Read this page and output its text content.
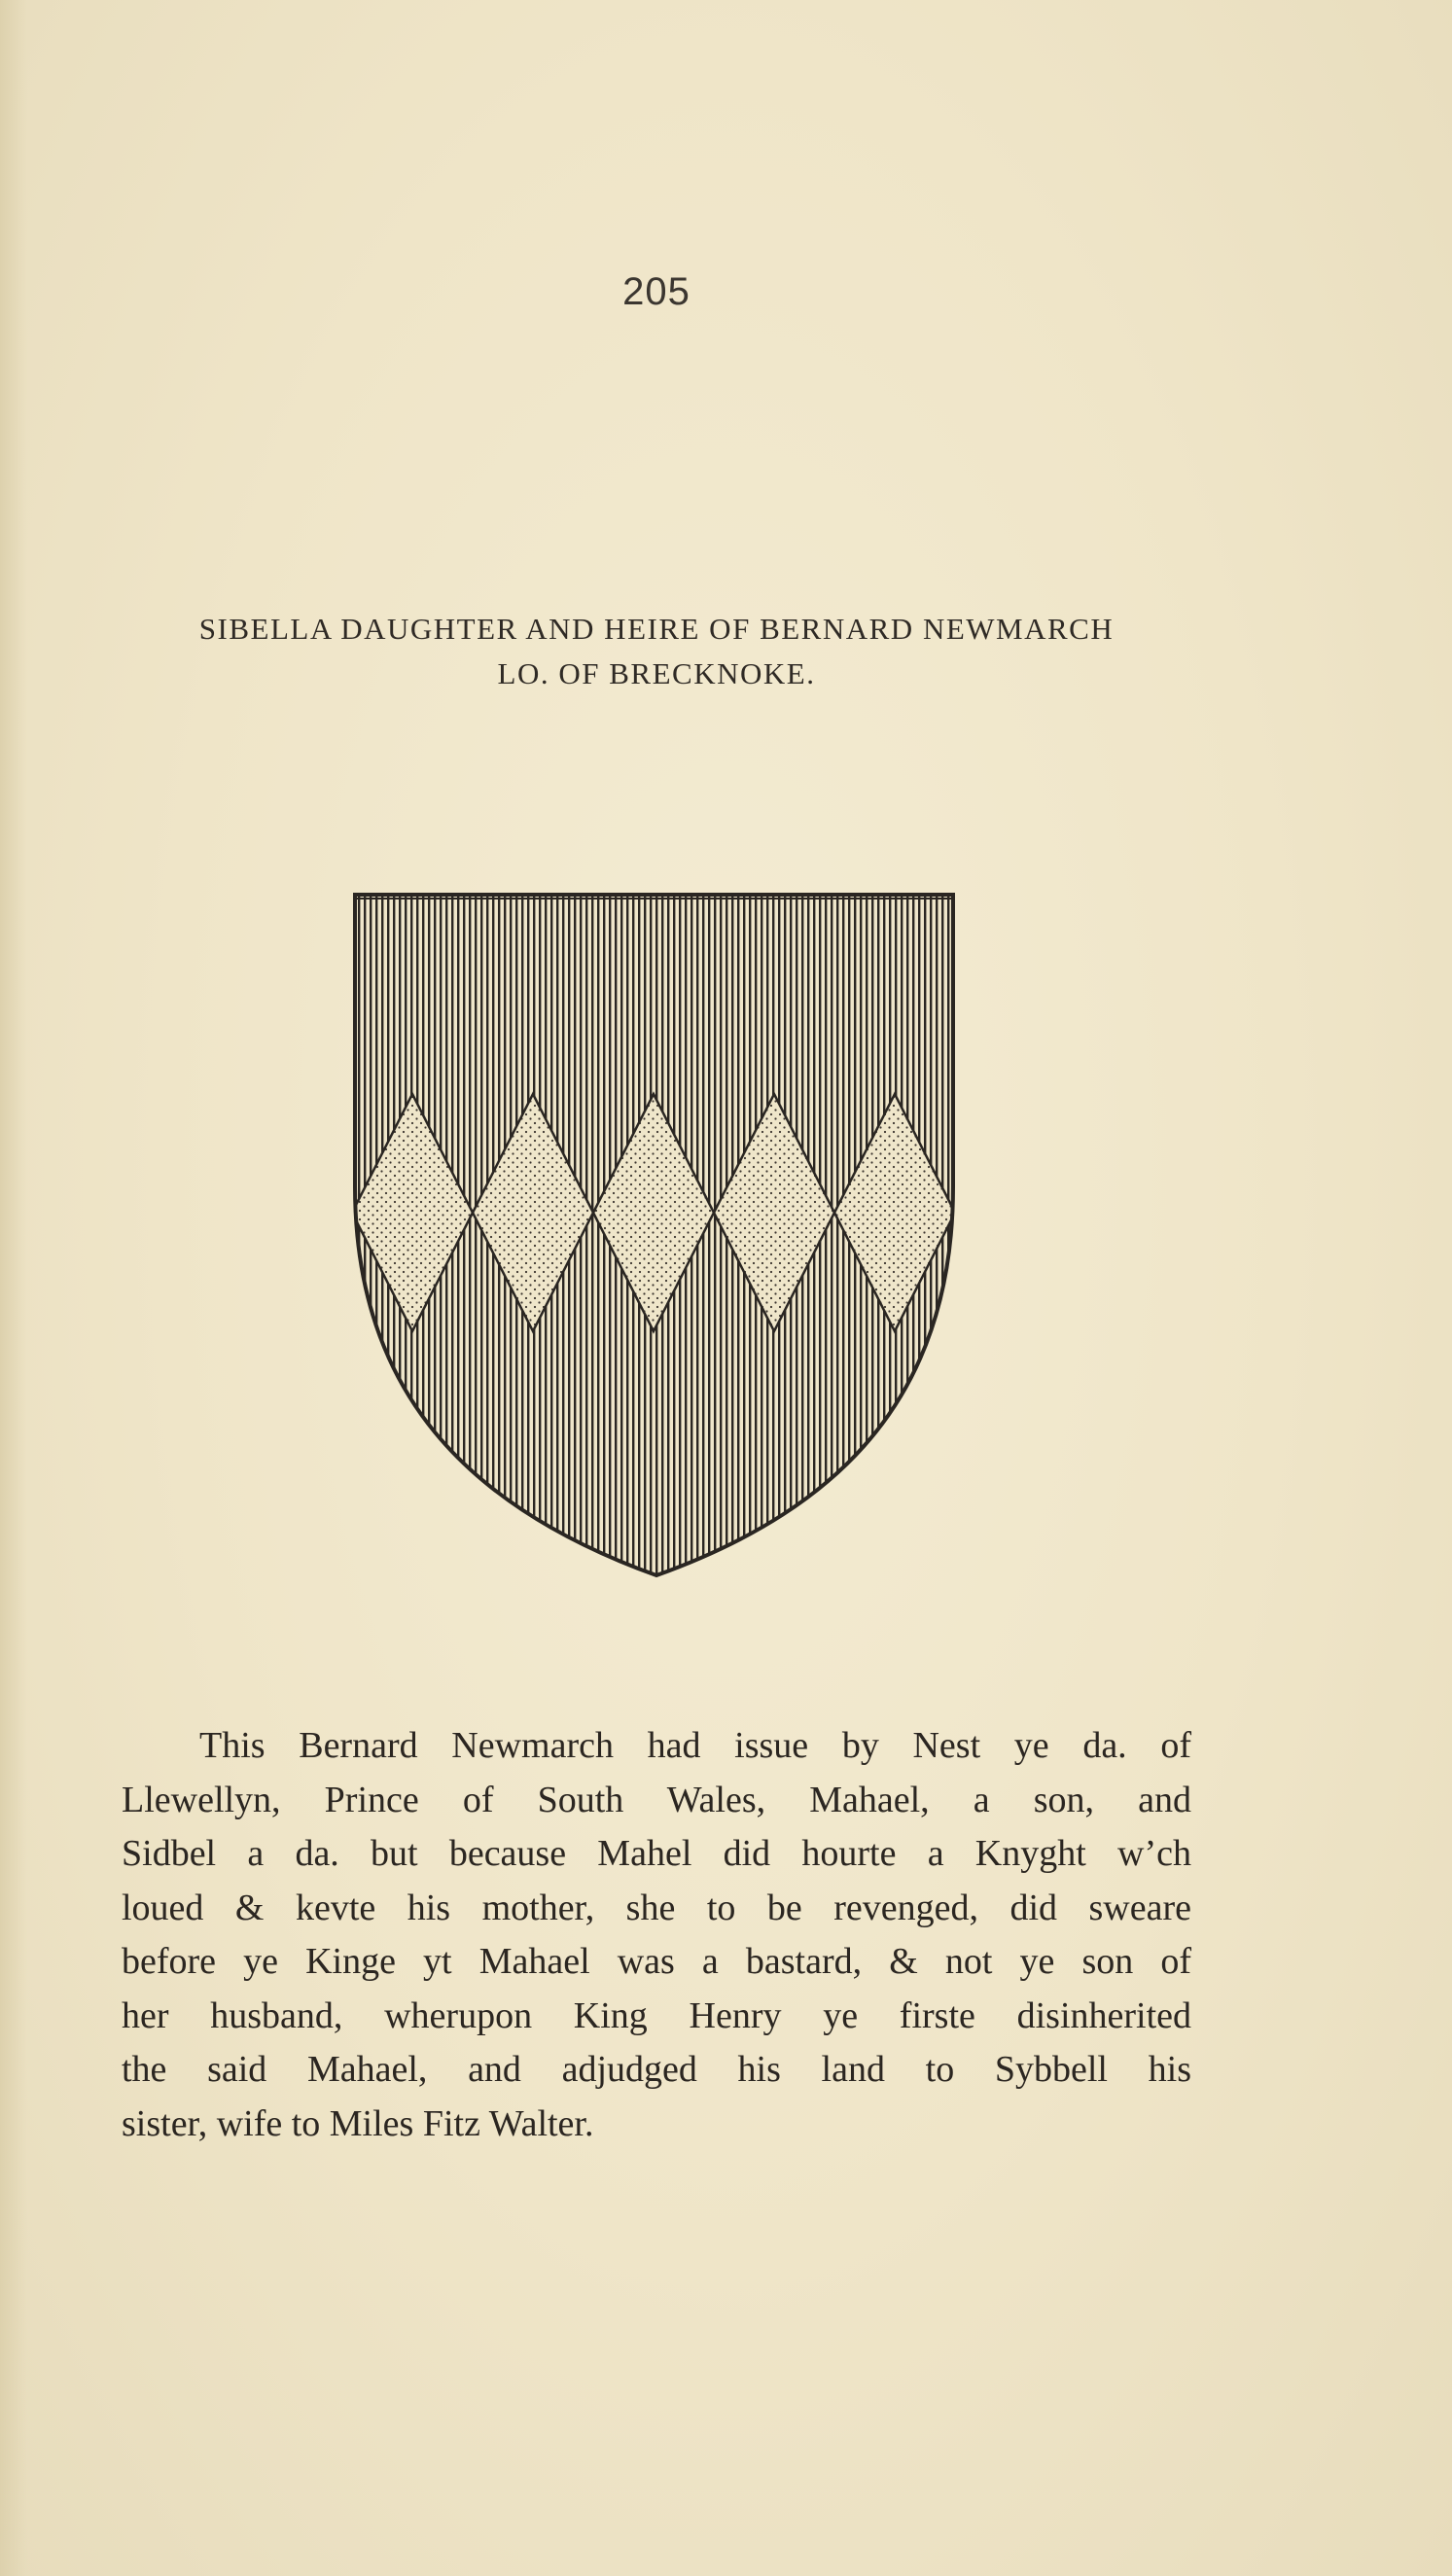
205
SIBELLA DAUGHTER AND HEIRE OF BERNARD NEWMARCH
LO. OF BRECKNOKE.
This Bernard Newmarch had issue by Nest ye da. of
Llewellyn, Prince of South Wales, Mahael, a son, and
Sidbel a da. but because Mahel did hourte a Knyght w’ch
loued & kevte his mother, she to be revenged, did sweare
before ye Kinge yt Mahael was a bastard, & not ye son of
her husband, wherupon King Henry ye firste disinherited
the said Mahael, and adjudged his land to Sybbell his
sister, wife to Miles Fitz Walter.
